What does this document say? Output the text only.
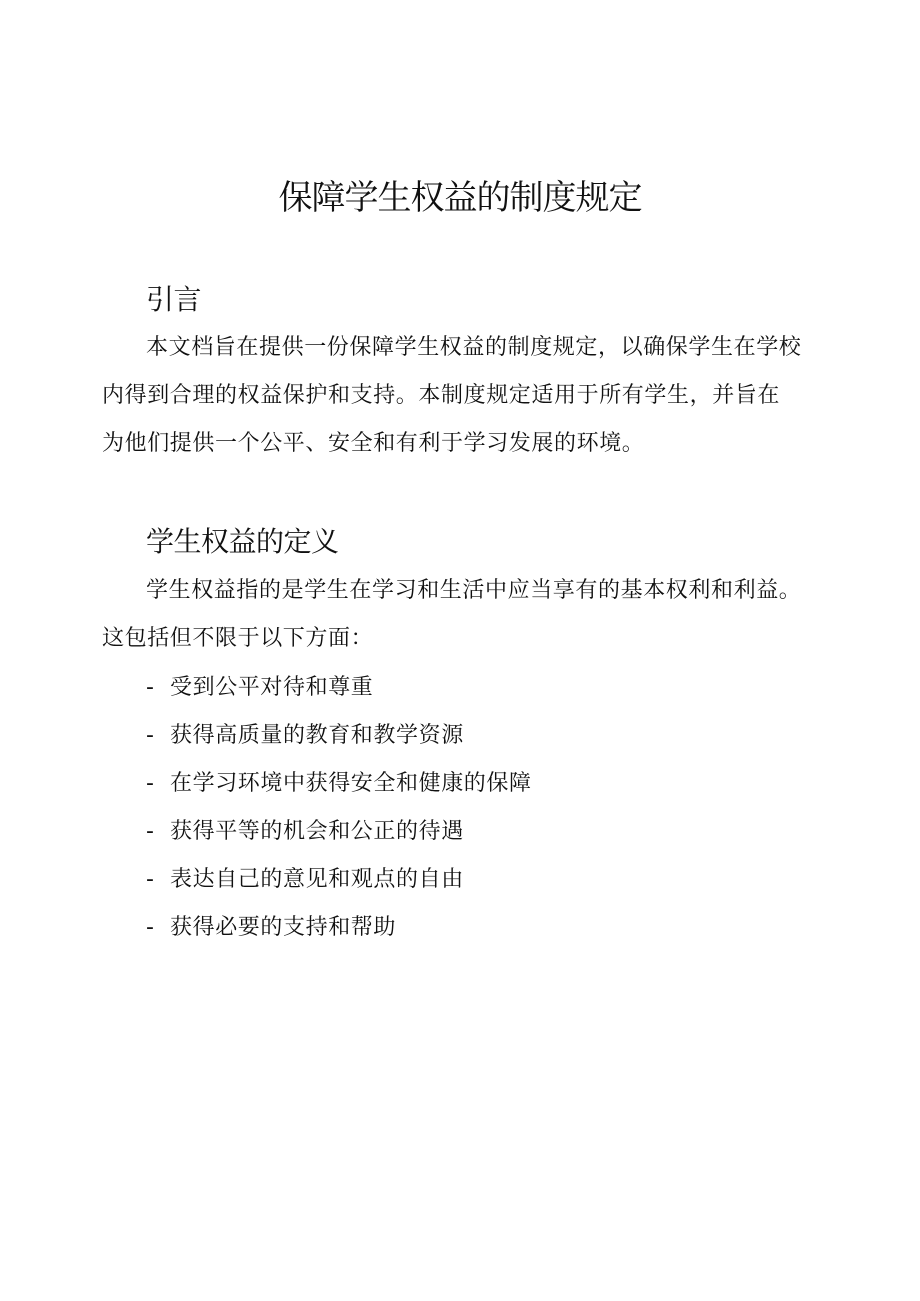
保障学生权益的制度规定
引言

本文档旨在提供一份保障学生权益的制度规定，以确保学生在学校内得到合理的权益保护和支持。本制度规定适用于所有学生，并旨在为他们提供一个公平、安全和有利于学习发展的环境。

学生权益的定义

学生权益指的是学生在学习和生活中应当享有的基本权利和利益。这包括但不限于以下方面：

- 受到公平对待和尊重
- 获得高质量的教育和教学资源
- 在学习环境中获得安全和健康的保障
- 获得平等的机会和公正的待遇
- 表达自己的意见和观点的自由
- 获得必要的支持和帮助
